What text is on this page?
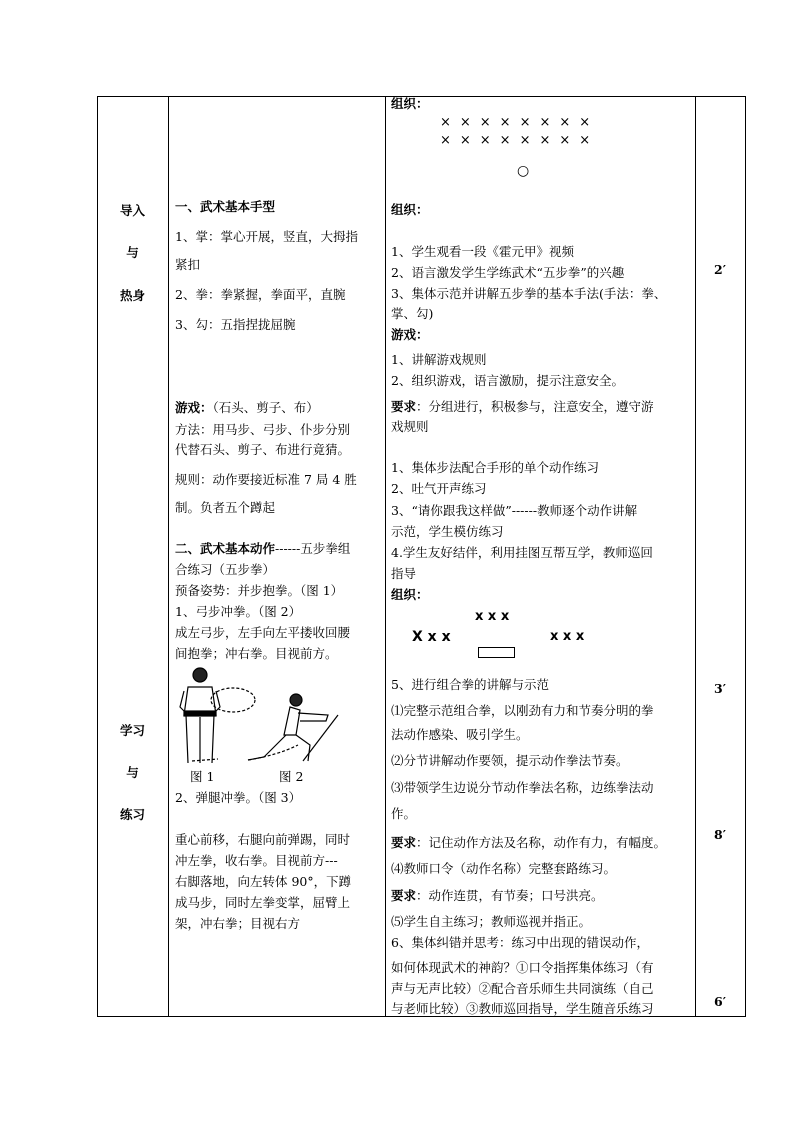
导入
与
热身
学习
与
练习
一、武术基本手型
1、掌：掌心开展，竖直，大拇指
紧扣
2、拳：拳紧握，拳面平，直腕
3、勾：五指捏拢屈腕
游戏：（石头、剪子、布）
方法：用马步、弓步、仆步分别
代替石头、剪子、布进行竟猜。
规则：动作要接近标准 7 局 4 胜
制。负者五个蹲起
二、武术基本动作------五步拳组
合练习（五步拳）
预备姿势：并步抱拳。（图 1）
1、弓步冲拳。（图 2）
成左弓步，左手向左平搂收回腰
间抱拳；冲右拳。目视前方。
图 1	图 2
2、弹腿冲拳。（图 3）
重心前移，右腿向前弹踢，同时
冲左拳，收右拳。目视前方---
右脚落地，向左转体 90°，下蹲
成马步，同时左拳变掌，屈臂上
架，冲右拳；目视右方
组织：
××××××××
××××××××
○
组织：
1、学生观看一段《霍元甲》视频
2、语言激发学生学练武术“五步拳”的兴趣
3、集体示范并讲解五步拳的基本手法(手法：拳、
掌、勾)
游戏：
1、讲解游戏规则
2、组织游戏，语言激励，提示注意安全。
要求：分组进行，积极参与，注意安全，遵守游
戏规则
1、集体步法配合手形的单个动作练习
2、吐气开声练习
3、“请你跟我这样做”------教师逐个动作讲解
示范，学生模仿练习
4.学生友好结伴，利用挂图互帮互学，教师巡回
指导
组织：
x x x
X x x	x x x
5、进行组合拳的讲解与示范
⑴完整示范组合拳，以刚劲有力和节奏分明的拳
法动作感染、吸引学生。
⑵分节讲解动作要领，提示动作拳法节奏。
⑶带领学生边说分节动作拳法名称，边练拳法动
作。
要求：记住动作方法及名称，动作有力，有幅度。
⑷教师口令（动作名称）完整套路练习。
要求：动作连贯，有节奏；口号洪亮。
⑸学生自主练习；教师巡视并指正。
6、集体纠错并思考：练习中出现的错误动作，
如何体现武术的神韵？①口令指挥集体练习（有
声与无声比较）②配合音乐师生共同演练（自己
与老师比较）③教师巡回指导，学生随音乐练习
2′
3′
8′
6′
